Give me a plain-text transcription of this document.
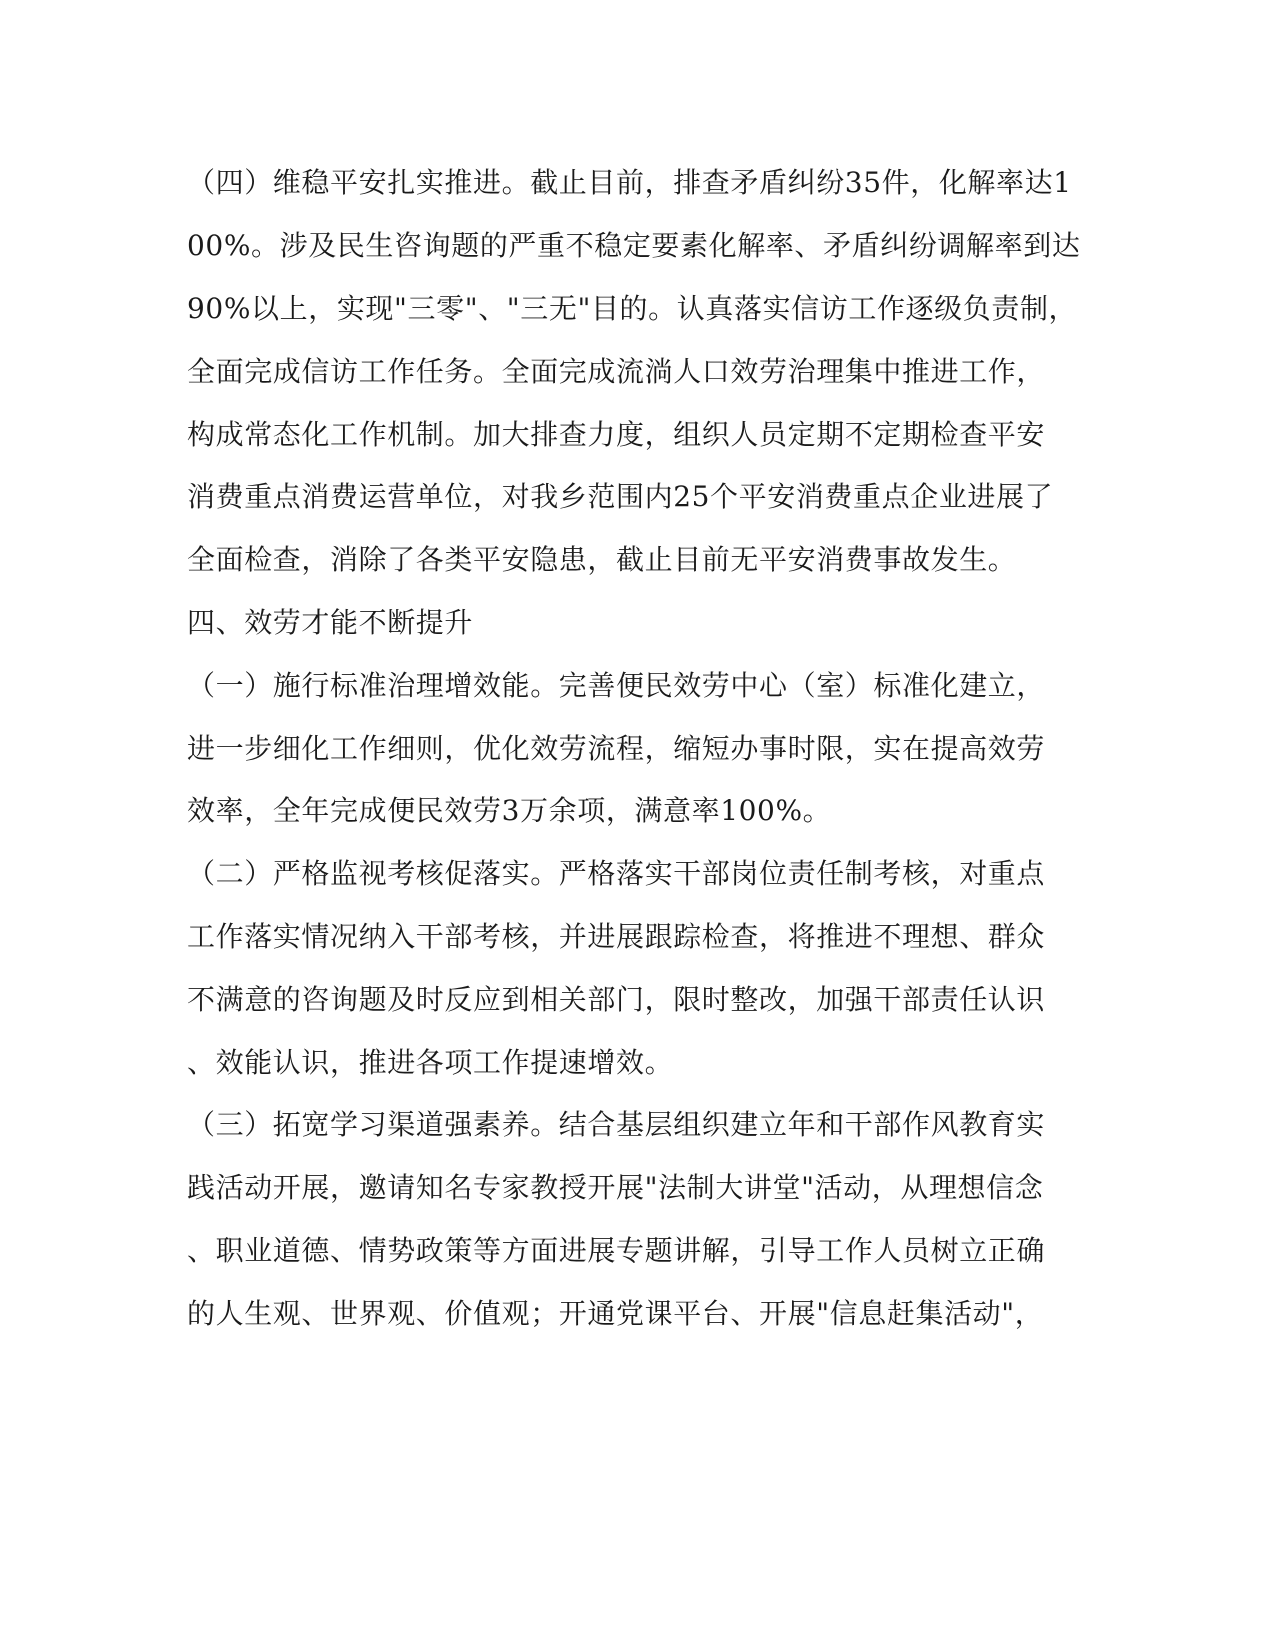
（四）维稳平安扎实推进。截止目前，排查矛盾纠纷35件，化解率达1
00%。涉及民生咨询题的严重不稳定要素化解率、矛盾纠纷调解率到达
90%以上，实现"三零"、"三无"目的。认真落实信访工作逐级负责制，
全面完成信访工作任务。全面完成流淌人口效劳治理集中推进工作，
构成常态化工作机制。加大排查力度，组织人员定期不定期检查平安
消费重点消费运营单位，对我乡范围内25个平安消费重点企业进展了
全面检查，消除了各类平安隐患，截止目前无平安消费事故发生。
四、效劳才能不断提升
（一）施行标准治理增效能。完善便民效劳中心（室）标准化建立，
进一步细化工作细则，优化效劳流程，缩短办事时限，实在提高效劳
效率，全年完成便民效劳3万余项，满意率100%。
（二）严格监视考核促落实。严格落实干部岗位责任制考核，对重点
工作落实情况纳入干部考核，并进展跟踪检查，将推进不理想、群众
不满意的咨询题及时反应到相关部门，限时整改，加强干部责任认识
、效能认识，推进各项工作提速增效。
（三）拓宽学习渠道强素养。结合基层组织建立年和干部作风教育实
践活动开展，邀请知名专家教授开展"法制大讲堂"活动，从理想信念
、职业道德、情势政策等方面进展专题讲解，引导工作人员树立正确
的人生观、世界观、价值观；开通党课平台、开展"信息赶集活动"，
